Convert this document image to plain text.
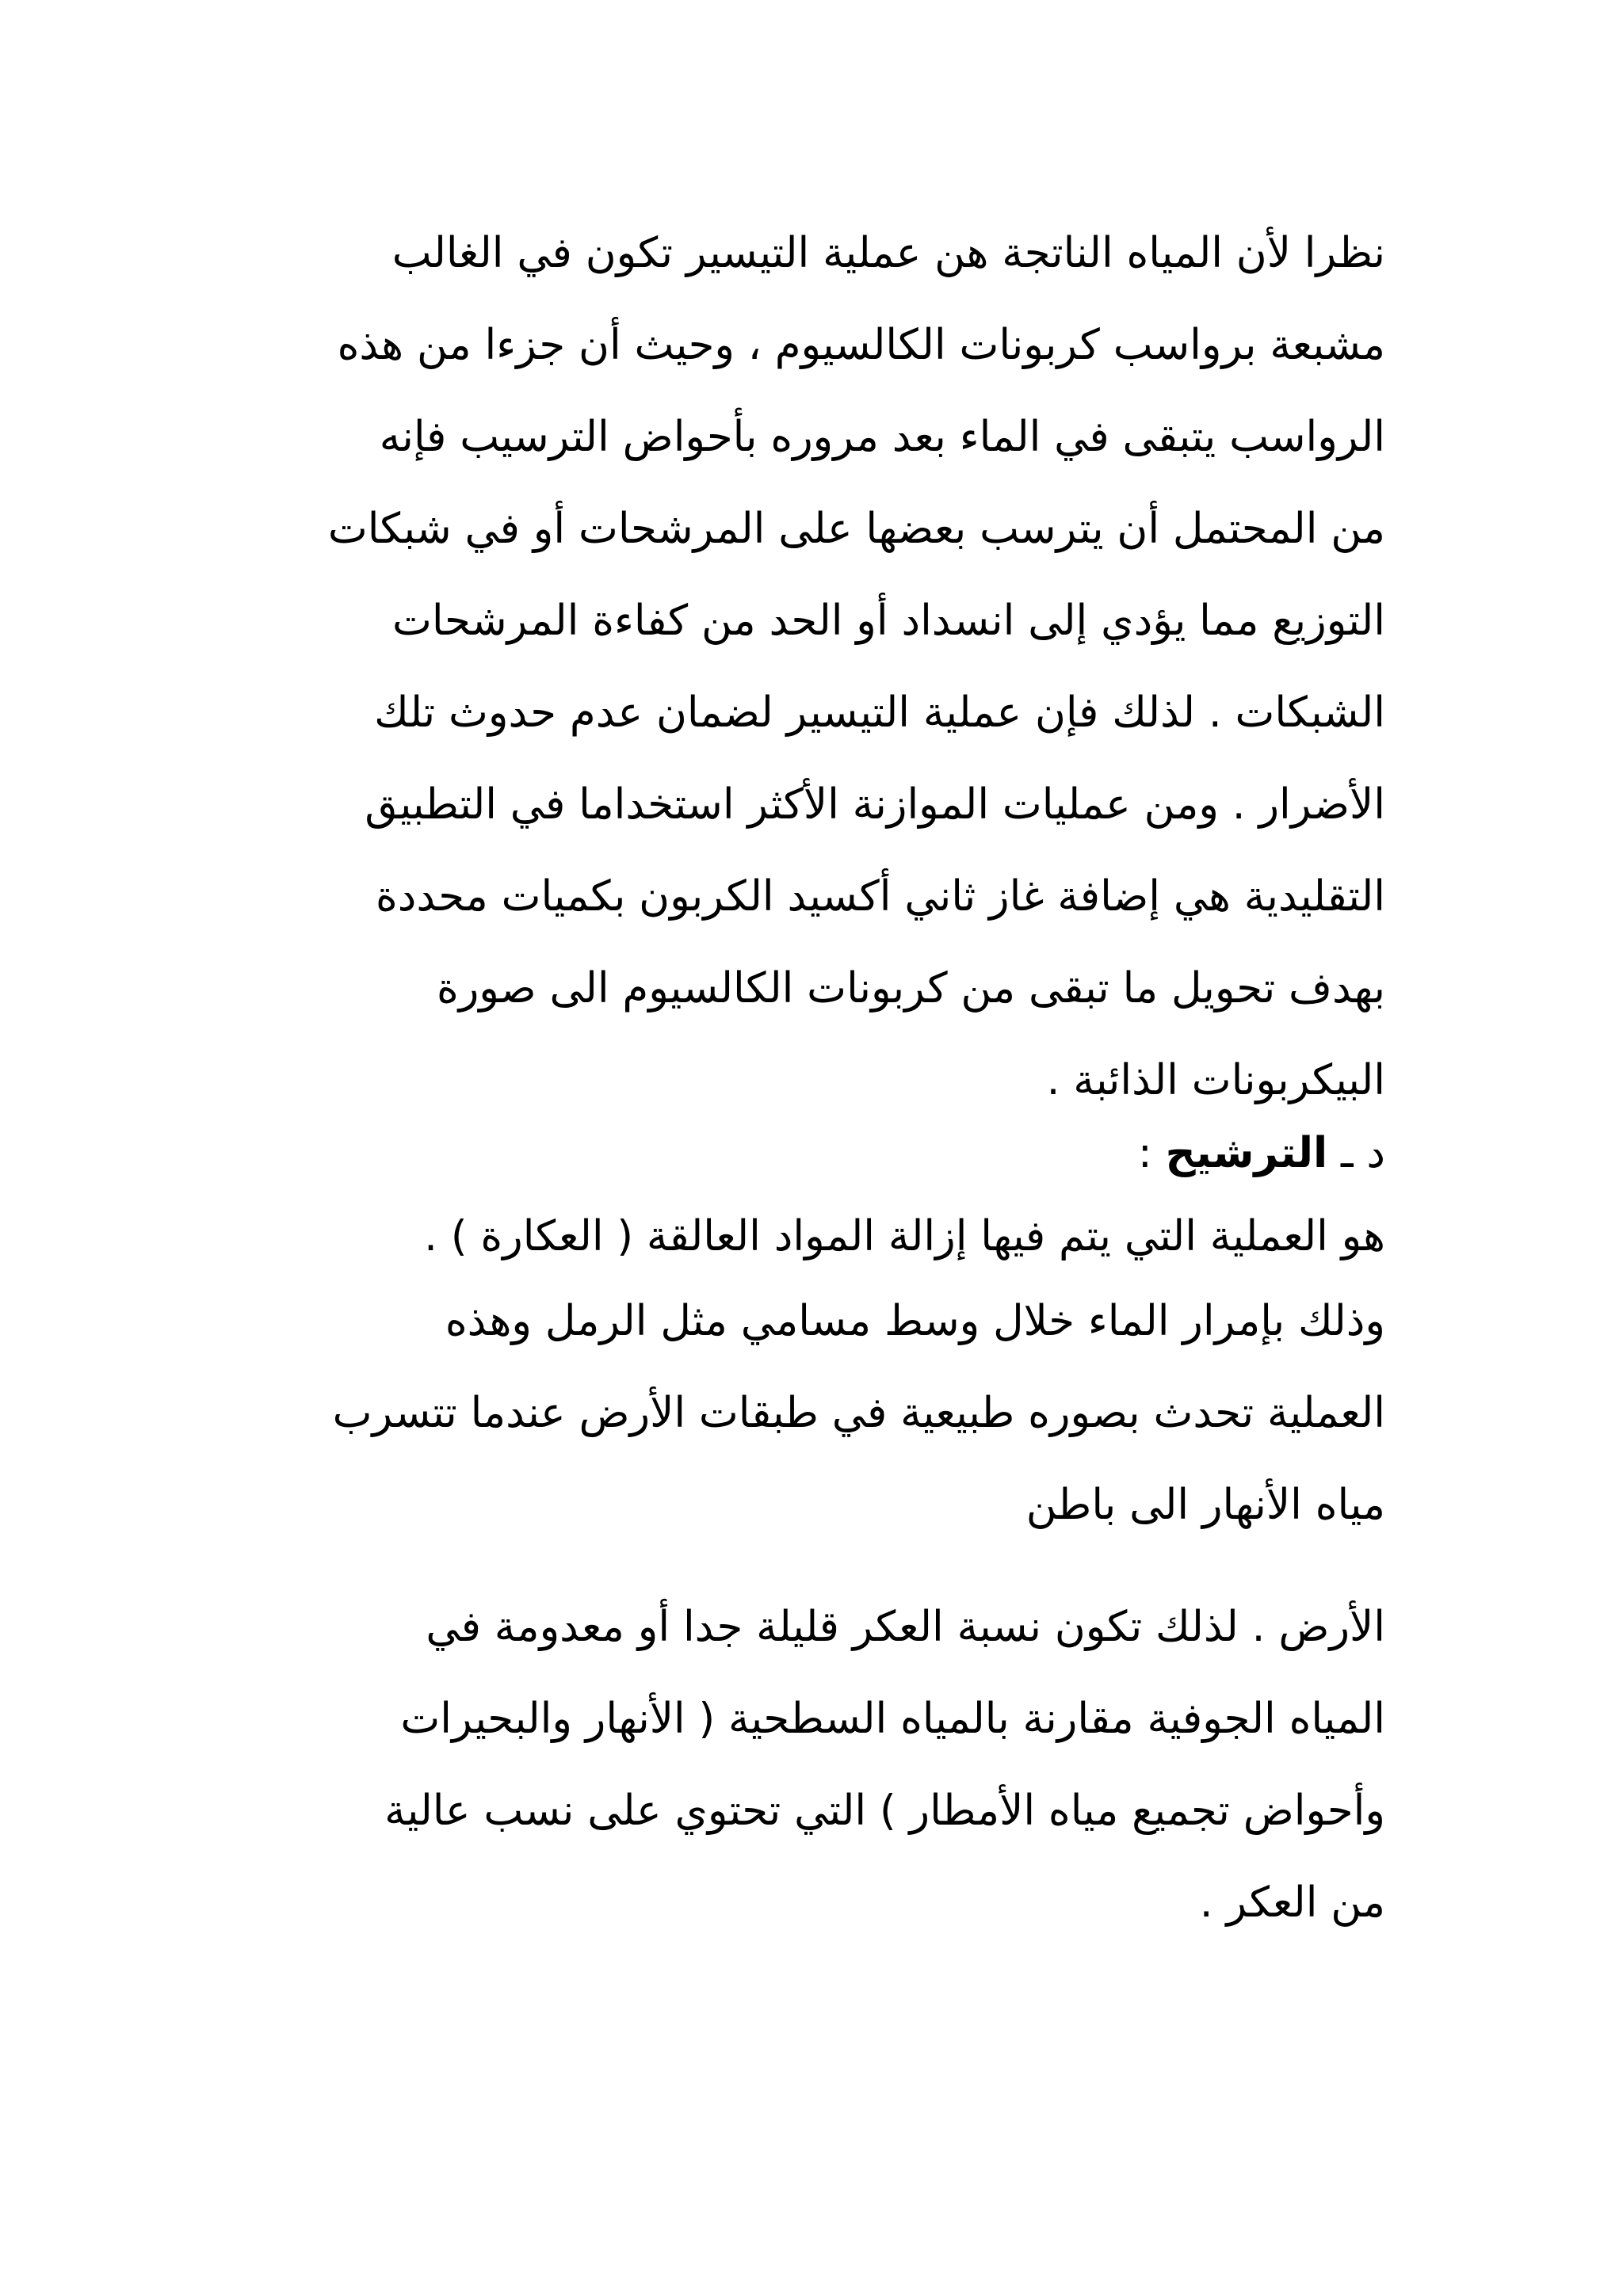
نظرا لأن المياه الناتجة هن عملية التيسير تكون في الغالب
مشبعة برواسب كربونات الكالسيوم ، وحيث أن جزءا من هذه
الرواسب يتبقى في الماء بعد مروره بأحواض الترسيب فإنه
من المحتمل أن يترسب بعضها على المرشحات أو في شبكات
التوزيع مما يؤدي إلى انسداد أو الحد من كفاءة المرشحات
الشبكات . لذلك فإن عملية التيسير لضمان عدم حدوث تلك
الأضرار . ومن عمليات الموازنة الأكثر استخداما في التطبيق
التقليدية هي إضافة غاز ثاني أكسيد الكربون بكميات محددة
بهدف تحويل ما تبقى من كربونات الكالسيوم الى صورة
البيكربونات الذائبة .
د ـ الترشيح :
هو العملية التي يتم فيها إزالة المواد العالقة ( العكارة ) .
وذلك بإمرار الماء خلال وسط مسامي مثل الرمل وهذه
العملية تحدث بصوره طبيعية في طبقات الأرض عندما تتسرب
مياه الأنهار الى باطن
الأرض . لذلك تكون نسبة العكر قليلة جدا أو معدومة في
المياه الجوفية مقارنة بالمياه السطحية ( الأنهار والبحيرات
وأحواض تجميع مياه الأمطار ) التي تحتوي على نسب عالية
من العكر .
